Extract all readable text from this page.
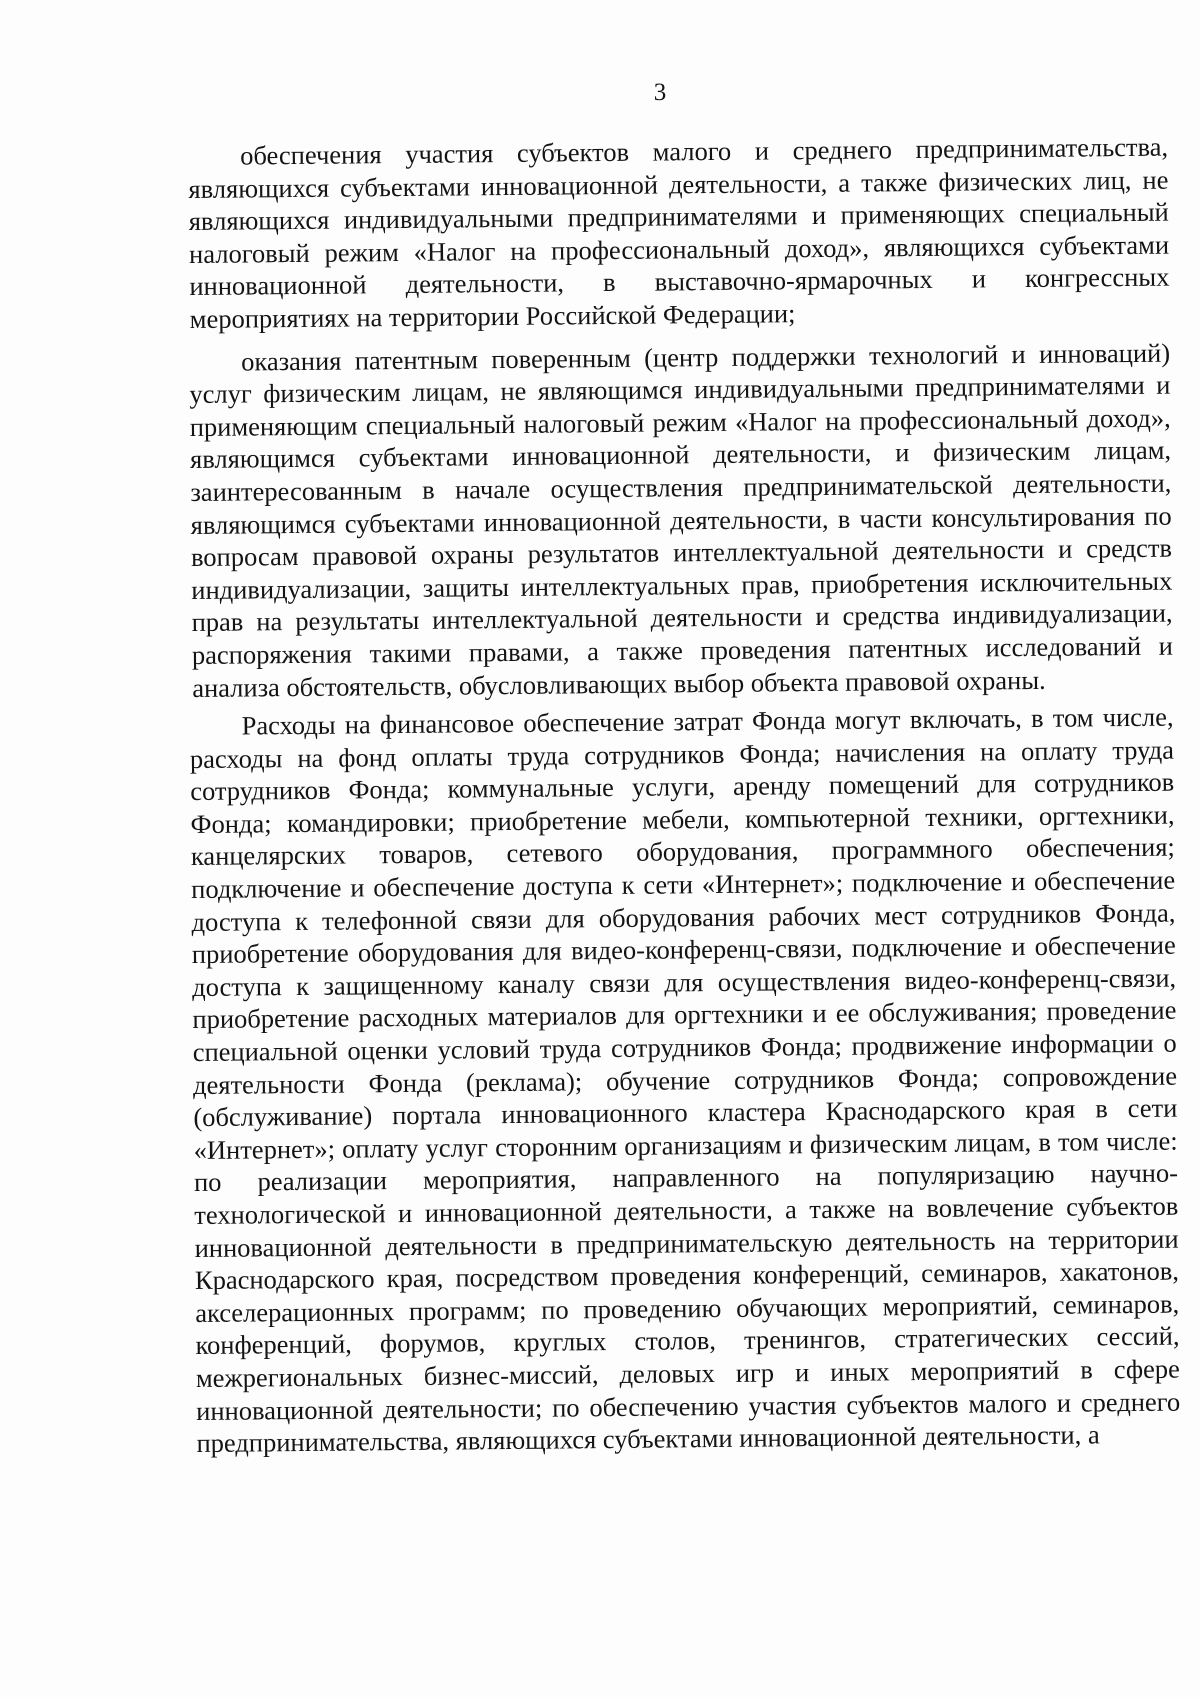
3

обеспечения участия субъектов малого и среднего предпринимательства, являющихся субъектами инновационной деятельности, а также физических лиц, не являющихся индивидуальными предпринимателями и применяющих специальный налоговый режим «Налог на профессиональный доход», являющихся субъектами инновационной деятельности, в выставочно-ярмарочных и конгрессных мероприятиях на территории Российской Федерации;

оказания патентным поверенным (центр поддержки технологий и инноваций) услуг физическим лицам, не являющимся индивидуальными предпринимателями и применяющим специальный налоговый режим «Налог на профессиональный доход», являющимся субъектами инновационной деятельности, и физическим лицам, заинтересованным в начале осуществления предпринимательской деятельности, являющимся субъектами инновационной деятельности, в части консультирования по вопросам правовой охраны результатов интеллектуальной деятельности и средств индивидуализации, защиты интеллектуальных прав, приобретения исключительных прав на результаты интеллектуальной деятельности и средства индивидуализации, распоряжения такими правами, а также проведения патентных исследований и анализа обстоятельств, обусловливающих выбор объекта правовой охраны.

Расходы на финансовое обеспечение затрат Фонда могут включать, в том числе, расходы на фонд оплаты труда сотрудников Фонда; начисления на оплату труда сотрудников Фонда; коммунальные услуги, аренду помещений для сотрудников Фонда; командировки; приобретение мебели, компьютерной техники, оргтехники, канцелярских товаров, сетевого оборудования, программного обеспечения; подключение и обеспечение доступа к сети «Интернет»; подключение и обеспечение доступа к телефонной связи для оборудования рабочих мест сотрудников Фонда, приобретение оборудования для видео-конференц-связи, подключение и обеспечение доступа к защищенному каналу связи для осуществления видео-конференц-связи, приобретение расходных материалов для оргтехники и ее обслуживания; проведение специальной оценки условий труда сотрудников Фонда; продвижение информации о деятельности Фонда (реклама); обучение сотрудников Фонда; сопровождение (обслуживание) портала инновационного кластера Краснодарского края в сети «Интернет»; оплату услуг сторонним организациям и физическим лицам, в том числе: по реализации мероприятия, направленного на популяризацию научно-технологической и инновационной деятельности, а также на вовлечение субъектов инновационной деятельности в предпринимательскую деятельность на территории Краснодарского края, посредством проведения конференций, семинаров, хакатонов, акселерационных программ; по проведению обучающих мероприятий, семинаров, конференций, форумов, круглых столов, тренингов, стратегических сессий, межрегиональных бизнес-миссий, деловых игр и иных мероприятий в сфере инновационной деятельности; по обеспечению участия субъектов малого и среднего предпринимательства, являющихся субъектами инновационной деятельности, а
